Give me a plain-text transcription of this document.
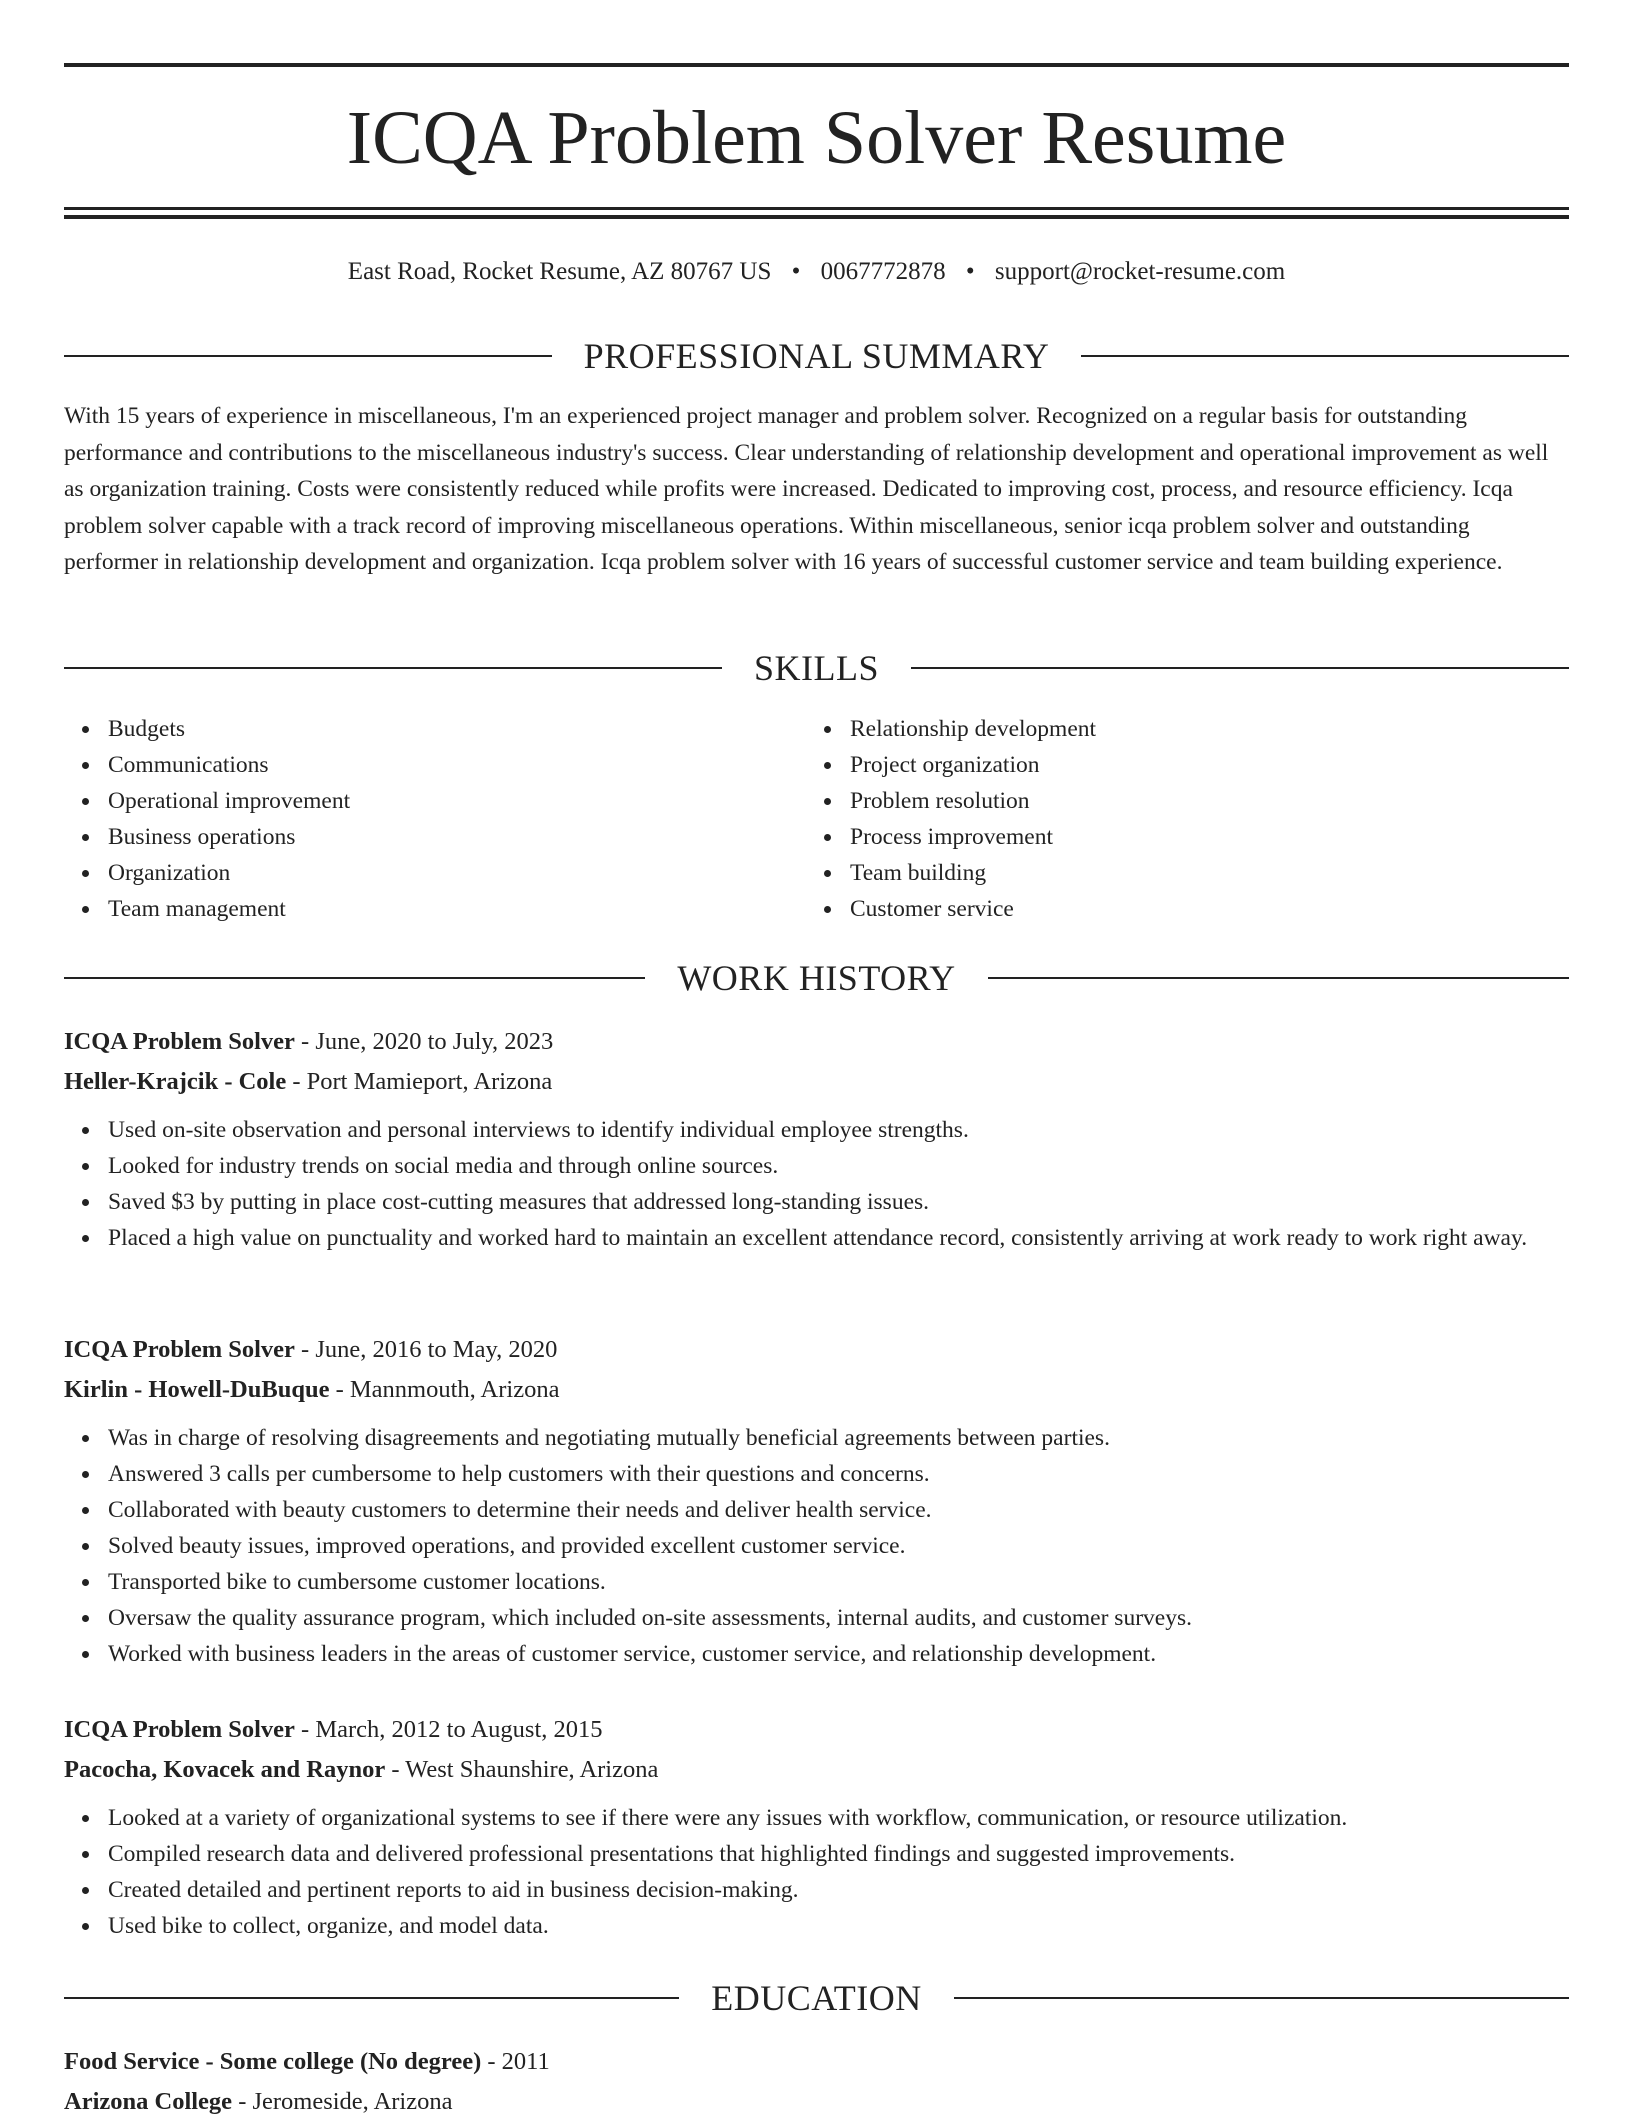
ICQA Problem Solver Resume
East Road, Rocket Resume, AZ 80767 US • 0067772878 • support@rocket-resume.com
PROFESSIONAL SUMMARY

With 15 years of experience in miscellaneous, I'm an experienced project manager and problem solver. Recognized on a regular basis for outstanding performance and contributions to the miscellaneous industry's success. Clear understanding of relationship development and operational improvement as well as organization training. Costs were consistently reduced while profits were increased. Dedicated to improving cost, process, and resource efficiency. Icqa problem solver capable with a track record of improving miscellaneous operations. Within miscellaneous, senior icqa problem solver and outstanding performer in relationship development and organization. Icqa problem solver with 16 years of successful customer service and team building experience.

SKILLS
Budgets
Communications
Operational improvement
Business operations
Organization
Team management
Relationship development
Project organization
Problem resolution
Process improvement
Team building
Customer service
WORK HISTORY

ICQA Problem Solver - June, 2020 to July, 2023

Heller-Krajcik - Cole - Port Mamieport, Arizona

Used on-site observation and personal interviews to identify individual employee strengths.
Looked for industry trends on social media and through online sources.
Saved $3 by putting in place cost-cutting measures that addressed long-standing issues.
Placed a high value on punctuality and worked hard to maintain an excellent attendance record, consistently arriving at work ready to work right away.

ICQA Problem Solver - June, 2016 to May, 2020

Kirlin - Howell-DuBuque - Mannmouth, Arizona

Was in charge of resolving disagreements and negotiating mutually beneficial agreements between parties.
Answered 3 calls per cumbersome to help customers with their questions and concerns.
Collaborated with beauty customers to determine their needs and deliver health service.
Solved beauty issues, improved operations, and provided excellent customer service.
Transported bike to cumbersome customer locations.
Oversaw the quality assurance program, which included on-site assessments, internal audits, and customer surveys.
Worked with business leaders in the areas of customer service, customer service, and relationship development.

ICQA Problem Solver - March, 2012 to August, 2015

Pacocha, Kovacek and Raynor - West Shaunshire, Arizona

Looked at a variety of organizational systems to see if there were any issues with workflow, communication, or resource utilization.
Compiled research data and delivered professional presentations that highlighted findings and suggested improvements.
Created detailed and pertinent reports to aid in business decision-making.
Used bike to collect, organize, and model data.
EDUCATION

Food Service - Some college (No degree) - 2011

Arizona College - Jeromeside, Arizona
